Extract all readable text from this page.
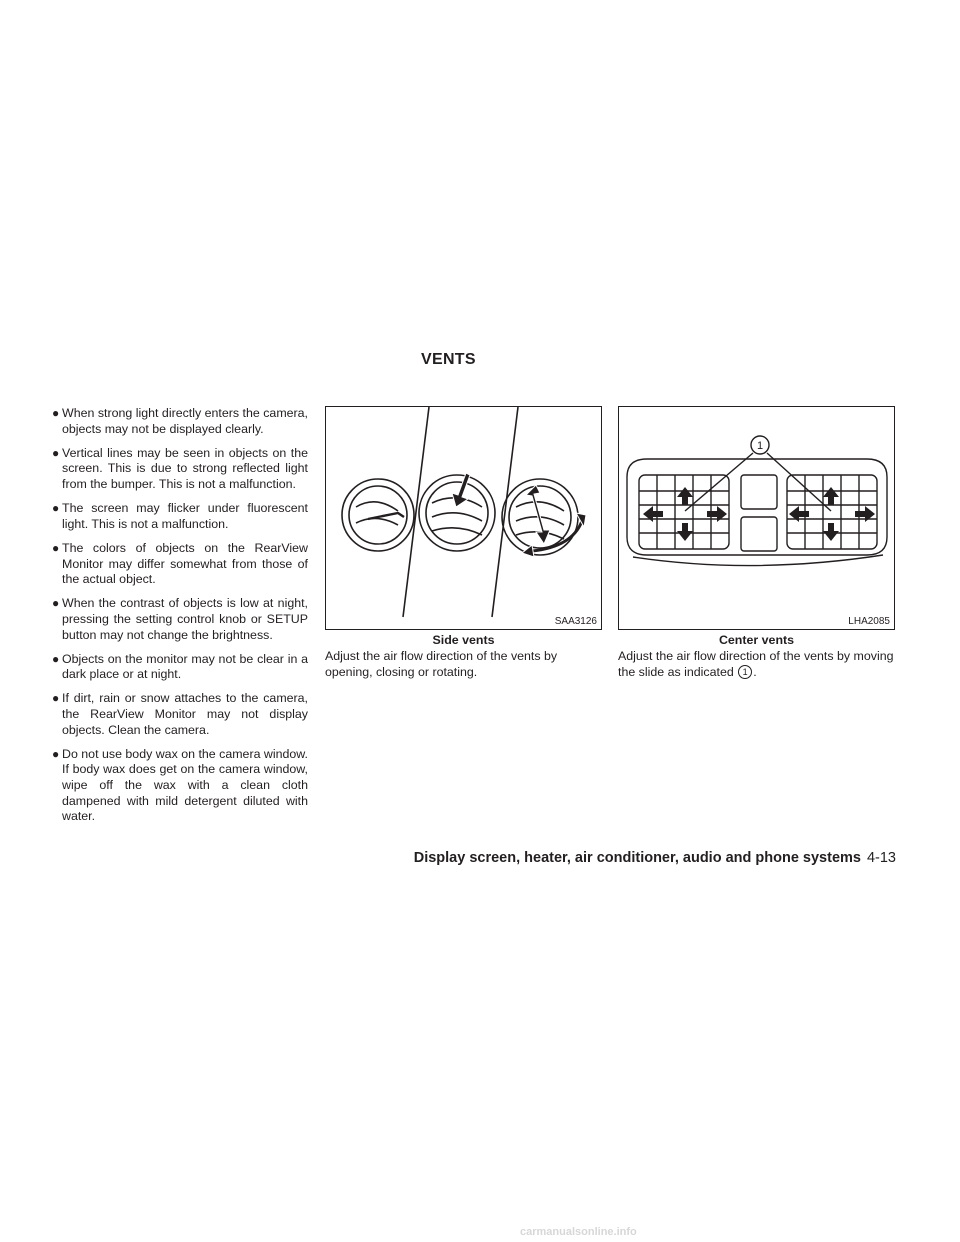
VENTS
● When strong light directly enters the camera, objects may not be displayed clearly.
● Vertical lines may be seen in objects on the screen. This is due to strong reflected light from the bumper. This is not a malfunction.
● The screen may flicker under fluorescent light. This is not a malfunction.
● The colors of objects on the RearView Monitor may differ somewhat from those of the actual object.
● When the contrast of objects is low at night, pressing the setting control knob or SETUP button may not change the brightness.
● Objects on the monitor may not be clear in a dark place or at night.
● If dirt, rain or snow attaches to the camera, the RearView Monitor may not display objects. Clean the camera.
● Do not use body wax on the camera window. If body wax does get on the camera window, wipe off the wax with a clean cloth dampened with mild detergent diluted with water.
SAA3126
Side vents

Adjust the air flow direction of the vents by opening, closing or rotating.

1
LHA2085
Center vents

Adjust the air flow direction of the vents by moving the slide as indicated 1 .

Display screen, heater, air conditioner, audio and phone systems 4-13
carmanualsonline.info
